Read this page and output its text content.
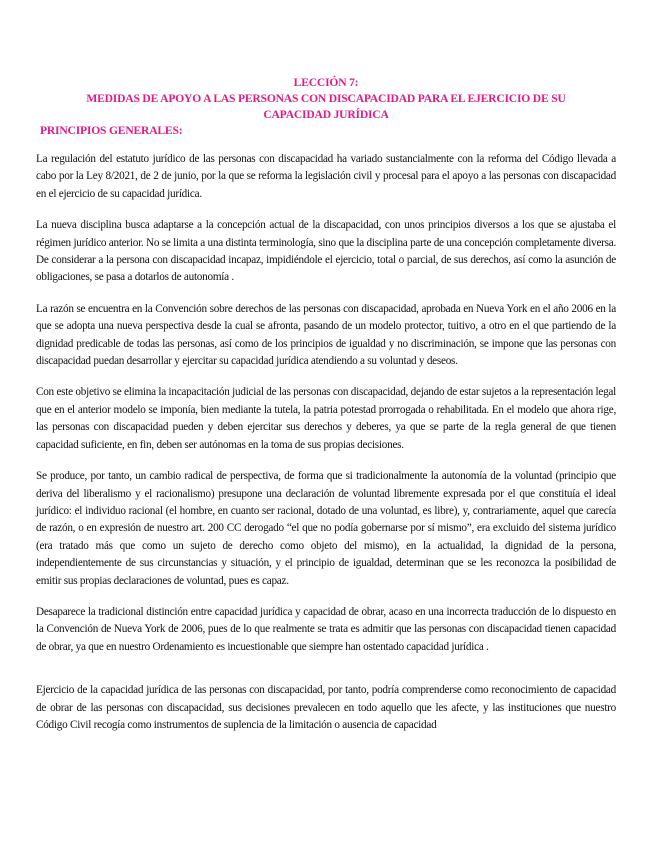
LECCIÓN 7:
MEDIDAS DE APOYO A LAS PERSONAS CON DISCAPACIDAD PARA EL EJERCICIO DE SU
CAPACIDAD JURÍDICA
PRINCIPIOS GENERALES:

La regulación del estatuto jurídico de las personas con discapacidad ha variado sustancialmente con la reforma del Código llevada a cabo por la Ley 8/2021, de 2 de junio, por la que se reforma la legislación civil y procesal para el apoyo a las personas con discapacidad en el ejercicio de su capacidad jurídica.

La nueva disciplina busca adaptarse a la concepción actual de la discapacidad, con unos principios diversos a los que se ajustaba el régimen jurídico anterior. No se limita a una distinta terminología, sino que la disciplina parte de una concepción completamente diversa. De considerar a la persona con discapacidad incapaz, impidiéndole el ejercicio, total o parcial, de sus derechos, así como la asunción de obligaciones, se pasa a dotarlos de autonomía .

La razón se encuentra en la Convención sobre derechos de las personas con discapacidad, aprobada en Nueva York en el año 2006 en la que se adopta una nueva perspectiva desde la cual se afronta, pasando de un modelo protector, tuitivo, a otro en el que partiendo de la dignidad predicable de todas las personas, así como de los principios de igualdad y no discriminación, se impone que las personas con discapacidad puedan desarrollar y ejercitar su capacidad jurídica atendiendo a su voluntad y deseos.

Con este objetivo se elimina la incapacitación judicial de las personas con discapacidad, dejando de estar sujetos a la representación legal que en el anterior modelo se imponía, bien mediante la tutela, la patria potestad prorrogada o rehabilitada. En el modelo que ahora rige, las personas con discapacidad pueden y deben ejercitar sus derechos y deberes, ya que se parte de la regla general de que tienen capacidad suficiente, en fin, deben ser autónomas en la toma de sus propias decisiones.

Se produce, por tanto, un cambio radical de perspectiva, de forma que si tradicionalmente la autonomía de la voluntad (principio que deriva del liberalismo y el racionalismo) presupone una declaración de voluntad libremente expresada por el que constituía el ideal jurídico: el individuo racional (el hombre, en cuanto ser racional, dotado de una voluntad, es libre), y, contrariamente, aquel que carecía de razón, o en expresión de nuestro art. 200 CC derogado “el que no podía gobernarse por sí mismo”, era excluido del sistema jurídico (era tratado más que como un sujeto de derecho como objeto del mismo), en la actualidad, la dignidad de la persona, independientemente de sus circunstancias y situación, y el principio de igualdad, determinan que se les reconozca la posibilidad de emitir sus propias declaraciones de voluntad, pues es capaz.

Desaparece la tradicional distinción entre capacidad jurídica y capacidad de obrar, acaso en una incorrecta traducción de lo dispuesto en la Convención de Nueva York de 2006, pues de lo que realmente se trata es admitir que las personas con discapacidad tienen capacidad de obrar, ya que en nuestro Ordenamiento es incuestionable que siempre han ostentado capacidad jurídica .

Ejercicio de la capacidad jurídica de las personas con discapacidad, por tanto, podría comprenderse como reconocimiento de capacidad de obrar de las personas con discapacidad, sus decisiones prevalecen en todo aquello que les afecte, y las instituciones que nuestro Código Civil recogía como instrumentos de suplencia de la limitación o ausencia de capacidad
